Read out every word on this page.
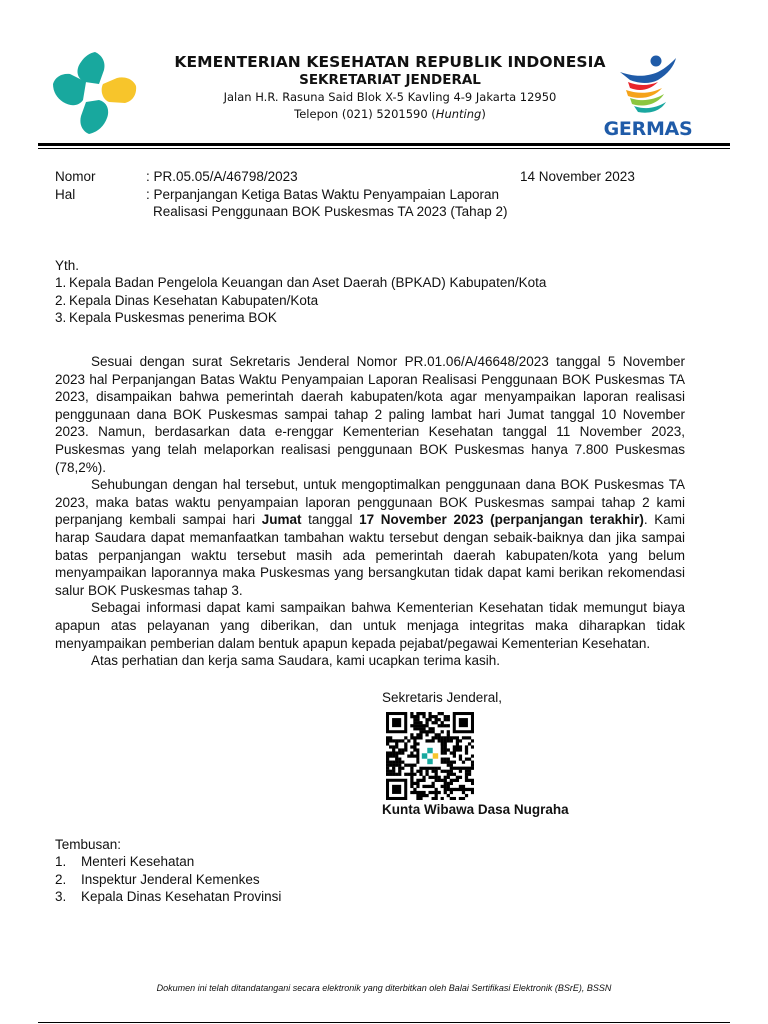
KEMENTERIAN KESEHATAN REPUBLIK INDONESIA
SEKRETARIAT JENDERAL
Jalan H.R. Rasuna Said Blok X-5 Kavling 4-9 Jakarta 12950
Telepon (021) 5201590 (Hunting)
GERMAS
Nomor	: PR.05.05/A/46798/2023	14 November 2023
Hal	: Perpanjangan Ketiga Batas Waktu Penyampaian Laporan
Realisasi Penggunaan BOK Puskesmas TA 2023 (Tahap 2)
Yth.
1. Kepala Badan Pengelola Keuangan dan Aset Daerah (BPKAD) Kabupaten/Kota
2. Kepala Dinas Kesehatan Kabupaten/Kota
3. Kepala Puskesmas penerima BOK

Sesuai dengan surat Sekretaris Jenderal Nomor PR.01.06/A/46648/2023 tanggal 5 November 2023 hal Perpanjangan Batas Waktu Penyampaian Laporan Realisasi Penggunaan BOK Puskesmas TA 2023, disampaikan bahwa pemerintah daerah kabupaten/kota agar menyampaikan laporan realisasi penggunaan dana BOK Puskesmas sampai tahap 2 paling lambat hari Jumat tanggal 10 November 2023. Namun, berdasarkan data e-renggar Kementerian Kesehatan tanggal 11 November 2023, Puskesmas yang telah melaporkan realisasi penggunaan BOK Puskesmas hanya 7.800 Puskesmas (78,2%).

Sehubungan dengan hal tersebut, untuk mengoptimalkan penggunaan dana BOK Puskesmas TA 2023, maka batas waktu penyampaian laporan penggunaan BOK Puskesmas sampai tahap 2 kami perpanjang kembali sampai hari Jumat tanggal 17 November 2023 (perpanjangan terakhir). Kami harap Saudara dapat memanfaatkan tambahan waktu tersebut dengan sebaik-baiknya dan jika sampai batas perpanjangan waktu tersebut masih ada pemerintah daerah kabupaten/kota yang belum menyampaikan laporannya maka Puskesmas yang bersangkutan tidak dapat kami berikan rekomendasi salur BOK Puskesmas tahap 3.

Sebagai informasi dapat kami sampaikan bahwa Kementerian Kesehatan tidak memungut biaya apapun atas pelayanan yang diberikan, dan untuk menjaga integritas maka diharapkan tidak menyampaikan pemberian dalam bentuk apapun kepada pejabat/pegawai Kementerian Kesehatan.

Atas perhatian dan kerja sama Saudara, kami ucapkan terima kasih.

Sekretaris Jenderal,
Kunta Wibawa Dasa Nugraha
Tembusan:
1. Menteri Kesehatan
2. Inspektur Jenderal Kemenkes
3. Kepala Dinas Kesehatan Provinsi
Dokumen ini telah ditandatangani secara elektronik yang diterbitkan oleh Balai Sertifikasi Elektronik (BSrE), BSSN
